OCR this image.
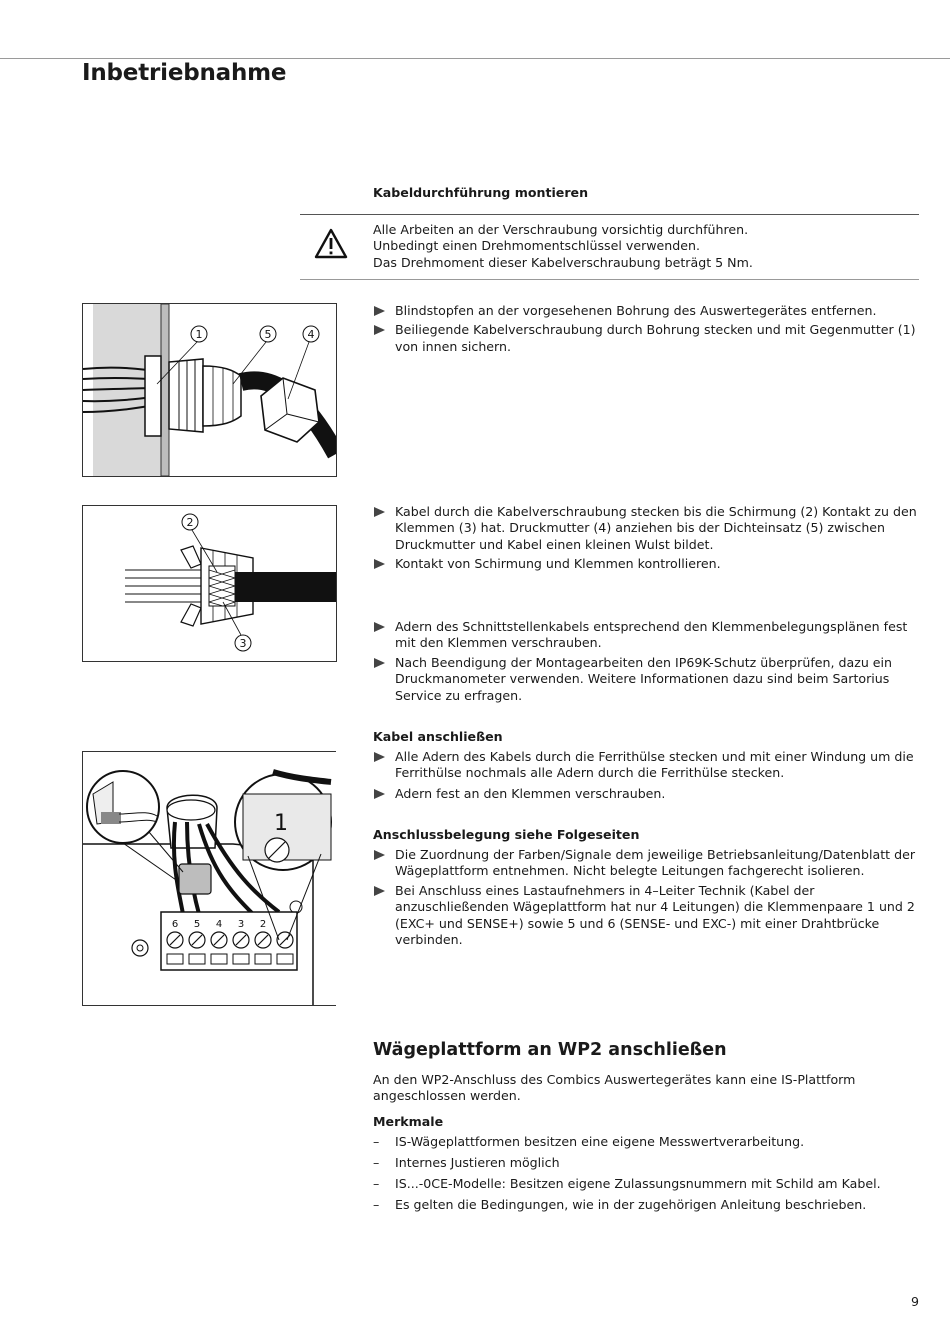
Inbetriebnahme
Kabeldurchführung montieren
Alle Arbeiten an der Verschraubung vorsichtig durchführen.
Unbedingt einen Drehmomentschlüssel verwenden.
Das Drehmoment dieser Kabelverschraubung beträgt 5 Nm.
1	5	4
Blindstopfen an der vorgesehenen Bohrung des Auswertegerätes entfernen.
Beiliegende Kabelverschraubung durch Bohrung stecken und mit Gegenmutter (1) von innen sichern.
2
3
Kabel durch die Kabelverschraubung stecken bis die Schirmung (2) Kontakt zu den Klemmen (3) hat. Druckmutter (4) anziehen bis der Dichteinsatz (5) zwischen Druckmutter und Kabel einen kleinen Wulst bildet.
Kontakt von Schirmung und Klemmen kontrollieren.
Adern des Schnittstellenkabels entsprechend den Klemmenbelegungsplänen fest mit den Klemmen verschrauben.
Nach Beendigung der Montagearbeiten den IP69K-Schutz überprüfen, dazu ein Druckmanometer verwenden. Weitere Informationen dazu sind beim Sartorius Service zu erfragen.
6 5 4 3 2
1
Kabel anschließen
Alle Adern des Kabels durch die Ferrithülse stecken und mit einer Windung um die Ferrithülse nochmals alle Adern durch die Ferrithülse stecken.
Adern fest an den Klemmen verschrauben.
Anschlussbelegung siehe Folgeseiten
Die Zuordnung der Farben/Signale dem jeweilige Betriebsanleitung/Datenblatt der Wägeplattform entnehmen. Nicht belegte Leitungen fachgerecht isolieren.
Bei Anschluss eines Lastaufnehmers in 4–Leiter Technik (Kabel der anzuschließenden Wägeplattform hat nur 4 Leitungen) die Klemmenpaare 1 und 2 (EXC+ und SENSE+) sowie 5 und 6 (SENSE- und EXC-) mit einer Drahtbrücke verbinden.
Wägeplattform an WP2 anschließen
An den WP2-Anschluss des Combics Auswertegerätes kann eine IS-Plattform angeschlossen werden.
Merkmale
– IS-Wägeplattformen besitzen eine eigene Messwertverarbeitung.
– Internes Justieren möglich
– IS...-0CE-Modelle: Besitzen eigene Zulassungsnummern mit Schild am Kabel.
– Es gelten die Bedingungen, wie in der zugehörigen Anleitung beschrieben.
9
